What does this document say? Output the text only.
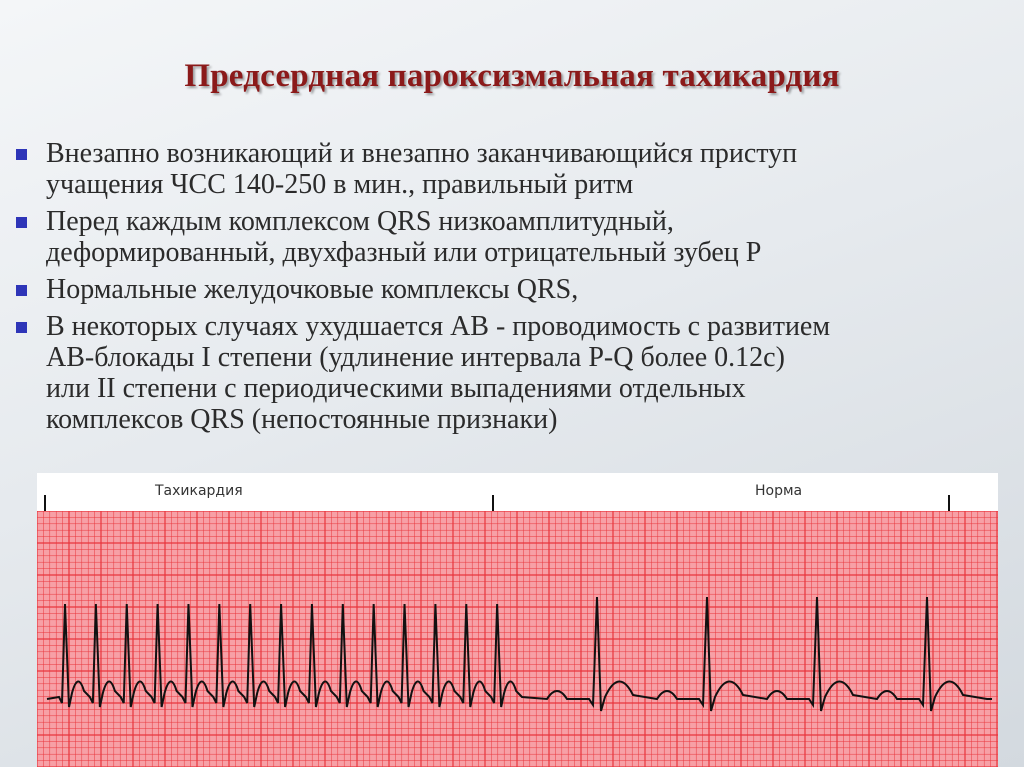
Предсердная пароксизмальная тахикардия
Внезапно возникающий и внезапно заканчивающийся приступ
учащения ЧСС 140-250 в мин., правильный ритм
Перед каждым комплексом QRS низкоамплитудный,
деформированный, двухфазный или отрицательный зубец Р
Нормальные желудочковые комплексы QRS,
В некоторых случаях ухудшается АВ - проводимость с развитием
АВ-блокады I степени (удлинение интервала P-Q более 0.12с)
или II степени с периодическими выпадениями отдельных
комплексов QRS (непостоянные признаки)
Тахикардия	Норма
